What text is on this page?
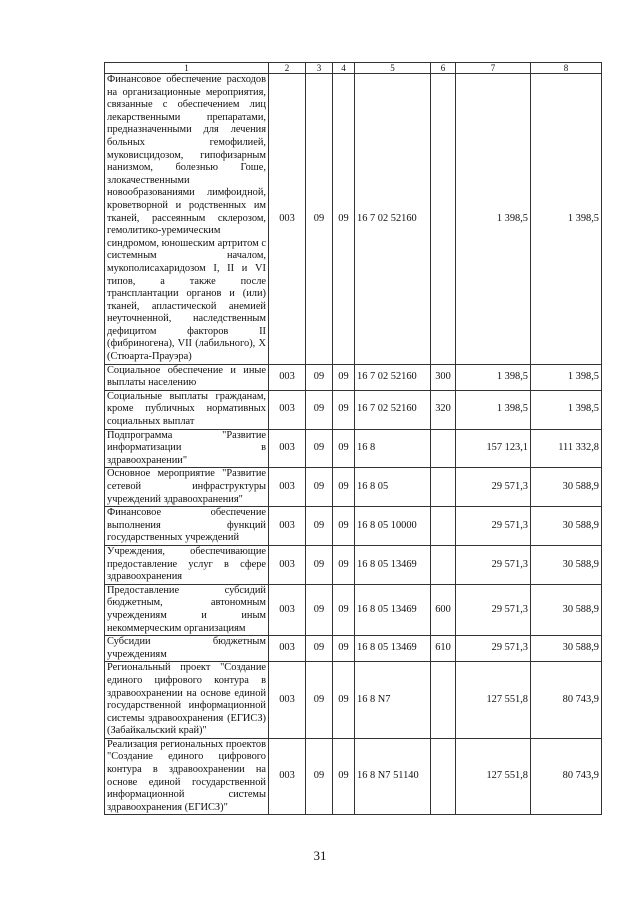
1	2	3	4	5	6	7	8
Финансовое обеспечение расходов на организационные мероприятия, связанные с обеспечением лиц лекарственными препаратами, предназначенными для лечения больных гемофилией, муковисцидозом, гипофизарным нанизмом, болезнью Гоше, злокачественными новообразованиями лимфоидной, кроветворной и родственных им тканей, рассеянным склерозом, гемолитико-уремическим синдромом, юношеским артритом с системным началом, мукополисахаридозом I, II и VI типов, а также после трансплантации органов и (или) тканей, апластической анемией неуточненной, наследственным дефицитом факторов II (фибриногена), VII (лабильного), X (Стюарта-Прауэра)	003	09	09	16 7 02 52160		1 398,5	1 398,5
Социальное обеспечение и иные выплаты населению	003	09	09	16 7 02 52160	300	1 398,5	1 398,5
Социальные выплаты гражданам, кроме публичных нормативных социальных выплат	003	09	09	16 7 02 52160	320	1 398,5	1 398,5
Подпрограмма "Развитие информатизации в здравоохранении"	003	09	09	16 8		157 123,1	111 332,8
Основное мероприятие "Развитие сетевой инфраструктуры учреждений здравоохранения"	003	09	09	16 8 05		29 571,3	30 588,9
Финансовое обеспечение выполнения функций государственных учреждений	003	09	09	16 8 05 10000		29 571,3	30 588,9
Учреждения, обеспечивающие предоставление услуг в сфере здравоохранения	003	09	09	16 8 05 13469		29 571,3	30 588,9
Предоставление субсидий бюджетным, автономным учреждениям и иным некоммерческим организациям	003	09	09	16 8 05 13469	600	29 571,3	30 588,9
Субсидии бюджетным учреждениям	003	09	09	16 8 05 13469	610	29 571,3	30 588,9
Региональный проект "Создание единого цифрового контура в здравоохранении на основе единой государственной информационной системы здравоохранения (ЕГИСЗ) (Забайкальский край)"	003	09	09	16 8 N7		127 551,8	80 743,9
Реализация региональных проектов "Создание единого цифрового контура в здравоохранении на основе единой государственной информационной системы здравоохранения (ЕГИСЗ)"	003	09	09	16 8 N7 51140		127 551,8	80 743,9
31
